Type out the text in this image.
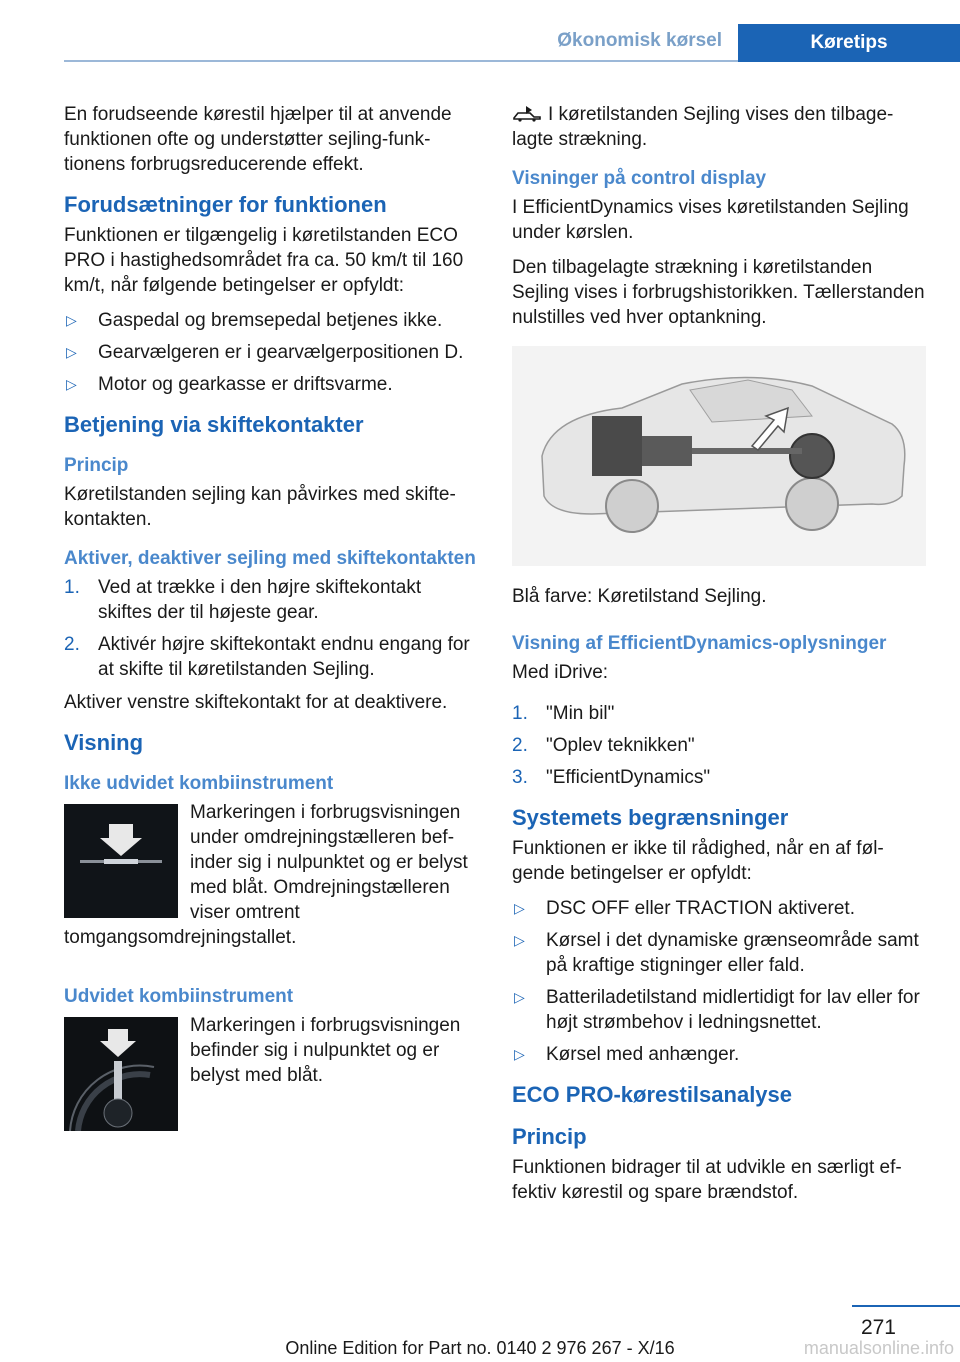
Økonomisk kørsel	Køretips

En forudseende kørestil hjælper til at anvende funktionen ofte og understøtter sejling-funktionens forbrugsreducerende effekt.

Forudsætninger for funktionen

Funktionen er tilgængelig i køretilstanden ECO PRO i hastighedsområdet fra ca. 50 km/t til 160 km/t, når følgende betingelser er opfyldt:

▷ Gaspedal og bremsepedal betjenes ikke.
▷ Gearvælgeren er i gearvælgerpositionen D.
▷ Motor og gearkasse er driftsvarme.
Betjening via skiftekontakter
Princip

Køretilstanden sejling kan påvirkes med skiftekontakten.

Aktiver, deaktiver sejling med skiftekontakten
1. Ved at trække i den højre skiftekontakt skiftes der til højeste gear.
2. Aktivér højre skiftekontakt endnu engang for at skifte til køretilstanden Sejling.

Aktiver venstre skiftekontakt for at deaktivere.

Visning
Ikke udvidet kombiinstrument

Markeringen i forbrugsvisningen under omdrejningstælleren befinder sig i nulpunktet og er belyst med blåt. Omdrejningstælleren viser omtrent tomgangsomdrejningstallet.

Udvidet kombiinstrument

Markeringen i forbrugsvisningen befinder sig i nulpunktet og er belyst med blåt.

I køretilstanden Sejling vises den tilbagelagte strækning.

Visninger på control display

I EfficientDynamics vises køretilstanden Sejling under kørslen.

Den tilbagelagte strækning i køretilstanden Sejling vises i forbrugshistorikken. Tællerstanden nulstilles ved hver optankning.

Blå farve: Køretilstand Sejling.

Visning af EfficientDynamics-oplysninger

Med iDrive:

1. "Min bil"
2. "Oplev teknikken"
3. "EfficientDynamics"
Systemets begrænsninger

Funktionen er ikke til rådighed, når en af følgende betingelser er opfyldt:

▷ DSC OFF eller TRACTION aktiveret.
▷ Kørsel i det dynamiske grænseområde samt på kraftige stigninger eller fald.
▷ Batteriladetilstand midlertidigt for lav eller for højt strømbehov i ledningsnettet.
▷ Kørsel med anhænger.
ECO PRO-kørestilsanalyse
Princip

Funktionen bidrager til at udvikle en særligt effektiv kørestil og spare brændstof.

271
Online Edition for Part no. 0140 2 976 267 - X/16	manualsonline.info
